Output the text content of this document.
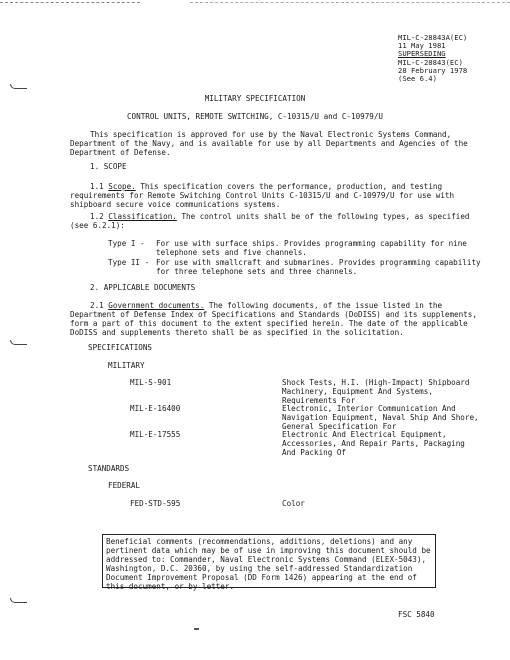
MIL-C-28843A(EC)
11 May 1981
SUPERSEDING
MIL-C-28843(EC)
28 February 1978
(See 6.4)
MILITARY SPECIFICATION
CONTROL UNITS, REMOTE SWITCHING, C-10315/U and C-10979/U
This specification is approved for use by the Naval Electronic Systems Command, Department of the Navy, and is available for use by all Departments and Agencies of the Department of Defense.
1. SCOPE
1.1 Scope. This specification covers the performance, production, and testing requirements for Remote Switching Control Units C-10315/U and C-10979/U for use with shipboard secure voice communications systems.
1.2 Classification. The control units shall be of the following types, as specified (see 6.2.1):
Type I - For use with surface ships. Provides programming capability for nine telephone sets and five channels.
Type II - For use with smallcraft and submarines. Provides programming capability for three telephone sets and three channels.
2. APPLICABLE DOCUMENTS
2.1 Government documents. The following documents, of the issue listed in the Department of Defense Index of Specifications and Standards (DoDISS) and its supplements, form a part of this document to the extent specified herein. The date of the applicable DoDISS and supplements thereto shall be as specified in the solicitation.
SPECIFICATIONS
MILITARY
MIL-S-901	Shock Tests, H.I. (High-Impact) Shipboard Machinery, Equipment And Systems, Requirements For
MIL-E-16400	Electronic, Interior Communication And Navigation Equipment, Naval Ship And Shore, General Specification For
MIL-E-17555	Electronic And Electrical Equipment, Accessories, And Repair Parts, Packaging And Packing Of
STANDARDS
FEDERAL
FED-STD-595	Color
Beneficial comments (recommendations, additions, deletions) and any pertinent data which may be of use in improving this document should be addressed to: Commander, Naval Electronic Systems Command (ELEX-5043), Washington, D.C. 20360, by using the self-addressed Standardization Document Improvement Proposal (DD Form 1426) appearing at the end of this document, or by letter.
FSC 5840
